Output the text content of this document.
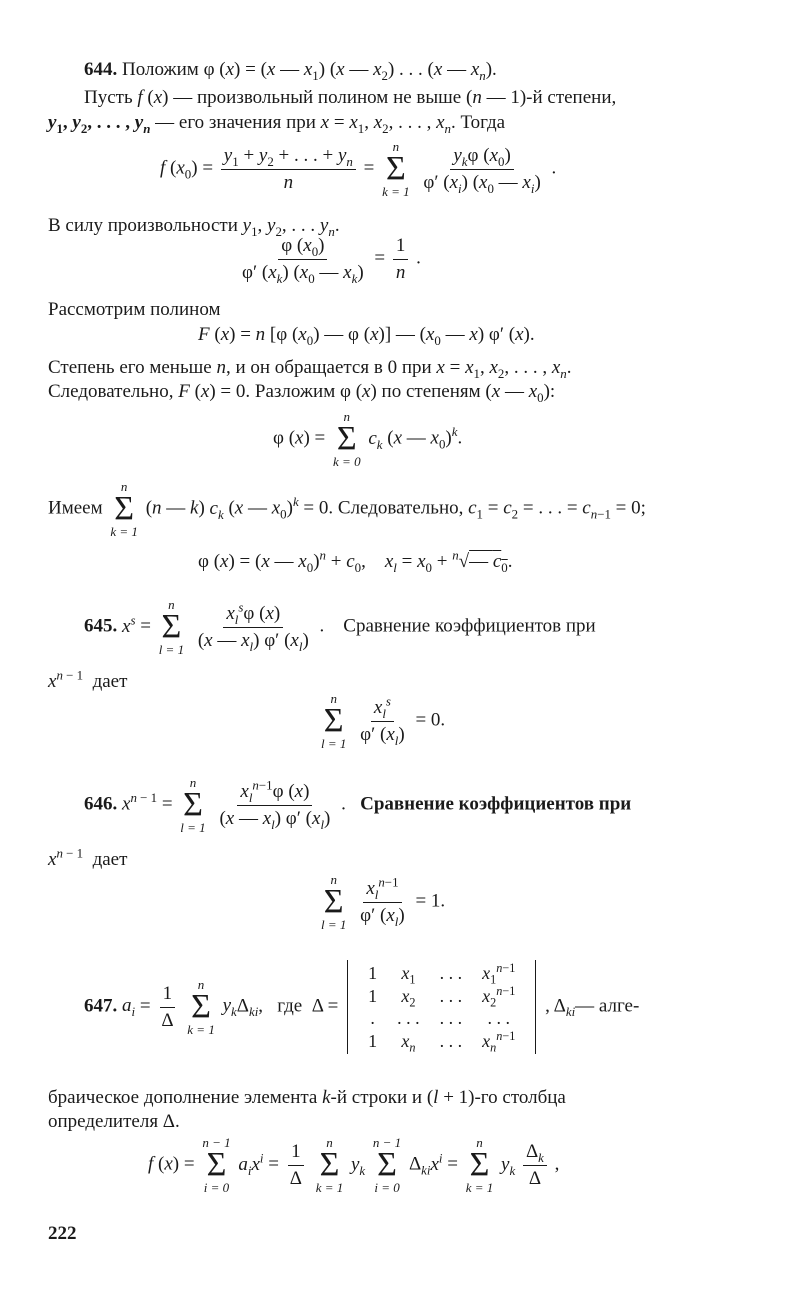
644. Положим φ (x) = (x — $x_1$) (x — $x_2$) . . . (x — $x_n$).
Пусть f (x) — произвольный полином не выше (n — 1)-й степени,
$y_1$, $y_2$, . . . , $y_n$ — его значения при $x = x_1$, $x_2$, . . . , $x_n$. Тогда
f $(x_0) = \frac{y_1 + y_2 + . . . + y_n}{n}$ =
n
Σ
k = 1
$\frac{y_k\varphi (x_0)}{\varphi' (x_i) (x_0 — x_i)}$ .
В силу произвольности $y_1$, $y_2$, . . . $y_n$.
$\frac{\varphi (x_0)}{\varphi' (x_k) (x_0 — x_k)} = \frac{1}{n}$ .
Рассмотрим полином
F (x) = n [φ $(x_0)$ — φ (x)] — ($x_0$ — x) φ′ (x).
Степень его меньше n, и он обращается в 0 при $x = x_1$, $x_2$, . . . , $x_n$.
Следовательно, F (x) = 0. Разложим φ (x) по степеням (x — $x_0$):
φ (x) =
n
Σ
k = 0
$c_k$ (x — $x_0)^k$.
Имеем
n
Σ
k = 1
(n — k) $c_k$ (x — $x_0)^k = 0$. Следовательно, $c_1 = c_2$ = . . . = $c_{n-1} = 0$;
φ (x) = (x — $x_0)^n + c_0$,    $x_l = x_0$ + $^n$√— $c_0$.
645. $x^s$ =
n
Σ
l = 1
$\frac{x_l^s\varphi (x)}{(x — x_l) \varphi' (x_l)}$ .    Сравнение коэффициентов при
$x^{n - 1}$ дает
n
Σ
l = 1
$\frac{x_l^s}{\varphi' (x_l)} = 0$.
646. $x^{n - 1}$ =
n
Σ
l = 1
$\frac{x_l^{n-1}\varphi (x)}{(x — x_l) \varphi' (x_l)}$ .   Сравнение коэффициентов при
$x^{n - 1}$ дает
n
Σ
l = 1
$\frac{x_l^{n-1}}{\varphi' (x_l)} = 1$.
647. $a_i = \frac{1}{\Delta}$
n
Σ
k = 1
$y_k\Delta_{ki}$,   где  Δ =
1	$x_1$	. . .	$x_1^{n-1}$
1	$x_2$	. . .	$x_2^{n-1}$
.	. . .	. . .	. . .
1	$x_n$	. . .	$x_n^{n-1}$
, $\Delta_{ki}—$ алге-
браическое дополнение элемента k-й строки и (l + 1)-го столбца
определителя Δ.
f (x) =
n − 1
Σ
i = 0
$a_ix^i = \frac{1}{\Delta}$
n
Σ
k = 1
$y_k$
n − 1
Σ
i = 0
$\Delta_{ki}x^i$ =
n
Σ
k = 1
$y_k \frac{\Delta_k}{\Delta}$ ,
222
